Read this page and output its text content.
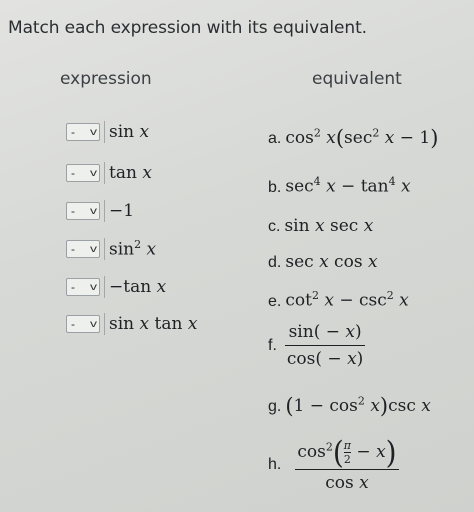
Match each expression with its equivalent.
expression	equivalent
- v sin x
- v tan x
- v −1
- v $\sin^2 x$
- v −tan x
- v sin x tan x
a. $\cos^2 x(\sec^2$ x − 1)
b. $\sec^4 x - \tan^4 x$
c. sin x sec x
d. sec x cos x
e. $\cot^2 x - \csc^2 x$
f. $\frac{\sin( - x)}{\cos( - x)}$
g. $(1 - \cos^2 x)\csc$ x
h. $\cos^2(\pi$
2 − x)
cos x
